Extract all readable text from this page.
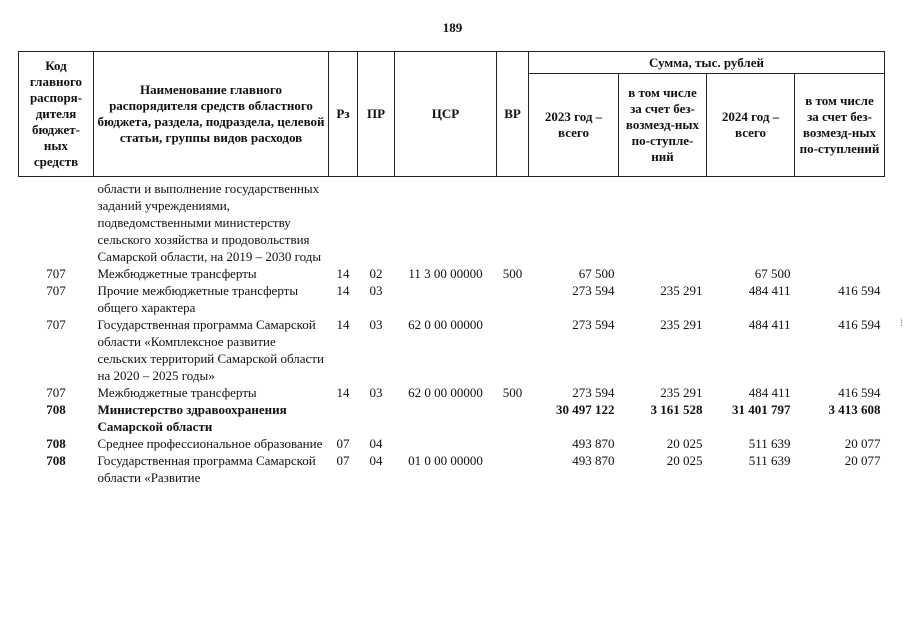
189
Код главного распоря-дителя бюджет-ных средств	Наименование главного распорядителя средств областного бюджета, раздела, подраздела, целевой статьи, группы видов расходов	Рз	ПР	ЦСР	ВР	Сумма, тыс. рублей			
						2023 год – всего	в том числе за счет без-возмезд-ных по-ступле-ний	2024 год – всего	в том числе за счет без-возмезд-ных по-ступлений
	области и выполнение государственных заданий учреждениями, подведомственными министерству сельского хозяйства и продовольствия Самарской области, на 2019 – 2030 годы								
707	Межбюджетные трансферты	14	02	11 3 00 00000	500	67 500		67 500	
707	Прочие межбюджетные трансферты общего характера	14	03			273 594	235 291	484 411	416 594
707	Государственная программа Самарской области «Комплексное развитие сельских территорий Самарской области на 2020 – 2025 годы»	14	03	62 0 00 00000		273 594	235 291	484 411	416 594
707	Межбюджетные трансферты	14	03	62 0 00 00000	500	273 594	235 291	484 411	416 594
708	Министерство здравоохранения Самарской области					30 497 122	3 161 528	31 401 797	3 413 608
708	Среднее профессиональное образование	07	04			493 870	20 025	511 639	20 077
708	Государственная программа Самарской области «Развитие	07	04	01 0 00 00000		493 870	20 025	511 639	20 077
⁝
